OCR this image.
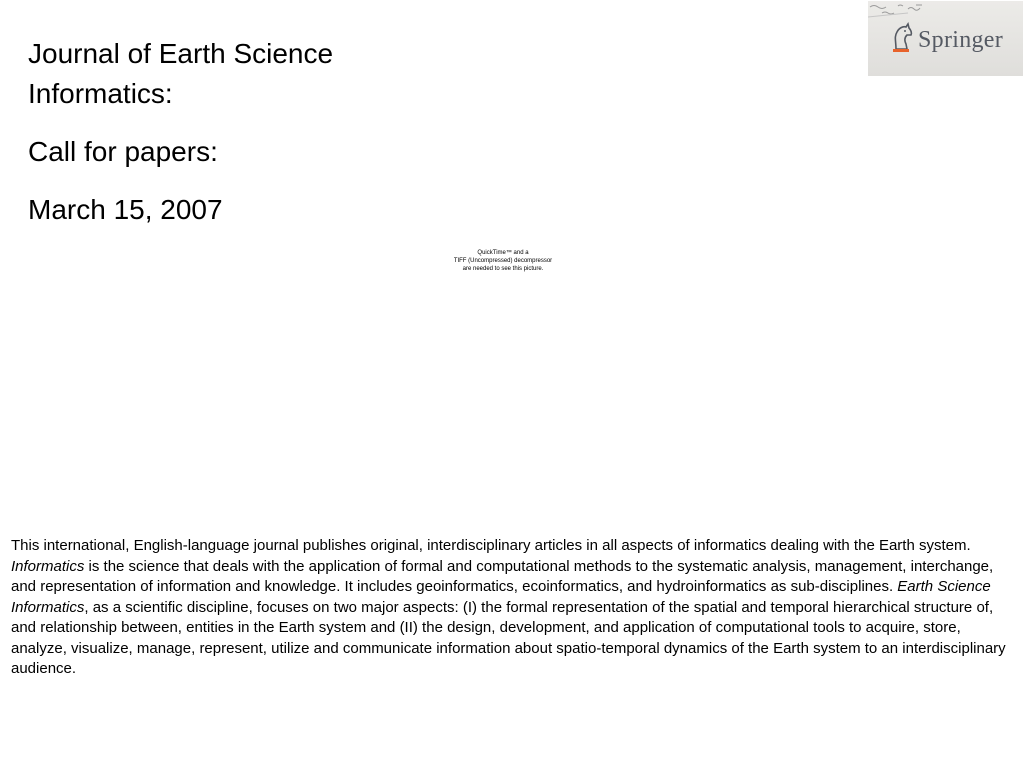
Journal of Earth Science

Informatics:

Call for papers:

March 15, 2007

QuickTime™ and a
TIFF (Uncompressed) decompressor
are needed to see this picture.
Springer

This international, English-language journal publishes original, interdisciplinary articles in all aspects of informatics dealing with the Earth system. Informatics is the science that deals with the application of formal and computational methods to the systematic analysis, management, interchange, and representation of information and knowledge. It includes geoinformatics, ecoinformatics, and hydroinformatics as sub-disciplines. Earth Science Informatics, as a scientific discipline, focuses on two major aspects: (I) the formal representation of the spatial and temporal hierarchical structure of, and relationship between, entities in the Earth system and (II) the design, development, and application of computational tools to acquire, store, analyze, visualize, manage, represent, utilize and communicate information about spatio-temporal dynamics of the Earth system to an interdisciplinary audience.
